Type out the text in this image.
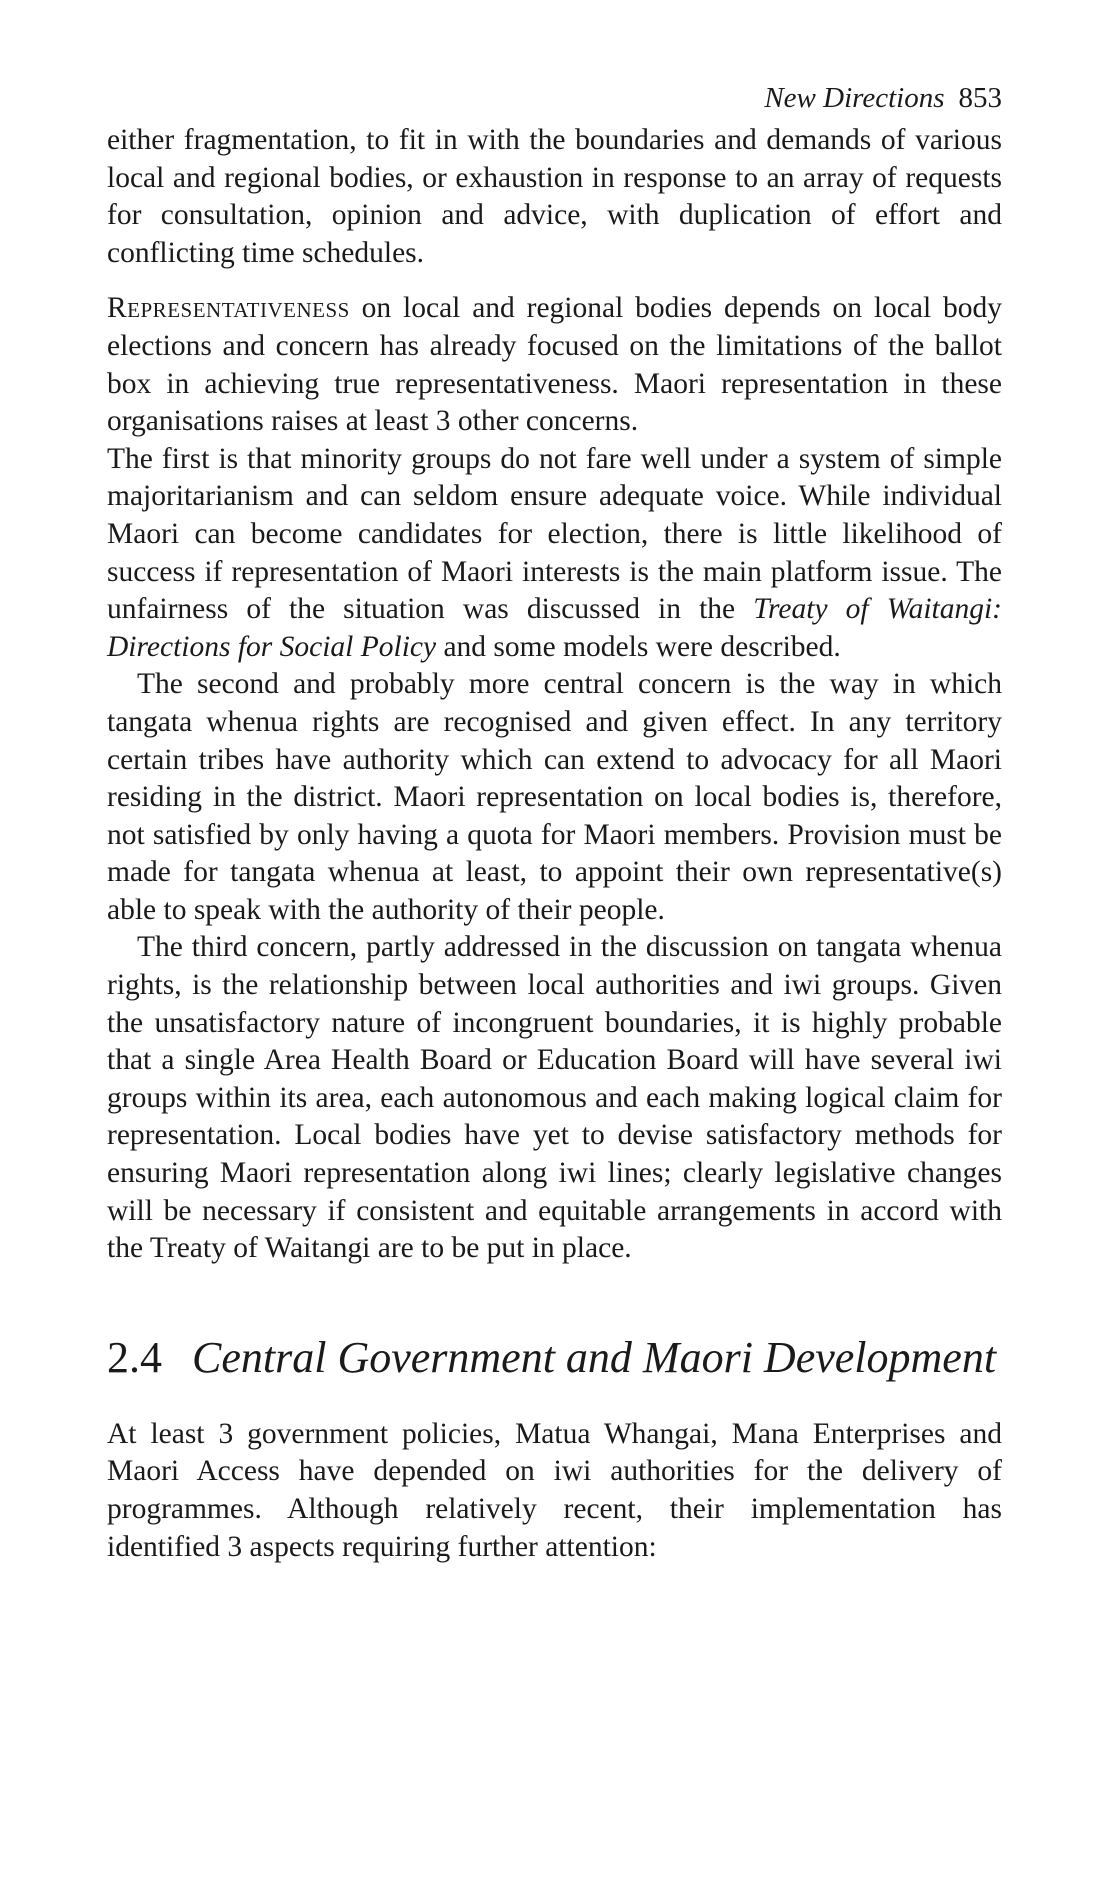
New Directions 853

either fragmentation, to fit in with the boundaries and demands of various local and regional bodies, or exhaustion in response to an array of requests for consultation, opinion and advice, with duplication of effort and conflicting time schedules.

Representativeness on local and regional bodies depends on local body elections and concern has already focused on the limitations of the ballot box in achieving true representativeness. Maori representation in these organisations raises at least 3 other concerns.

The first is that minority groups do not fare well under a system of simple majoritarianism and can seldom ensure adequate voice. While individual Maori can become candidates for election, there is little likelihood of success if representation of Maori interests is the main platform issue. The unfairness of the situation was discussed in the Treaty of Waitangi: Directions for Social Policy and some models were described.

The second and probably more central concern is the way in which tangata whenua rights are recognised and given effect. In any territory certain tribes have authority which can extend to advocacy for all Maori residing in the district. Maori representation on local bodies is, therefore, not satisfied by only having a quota for Maori members. Provision must be made for tangata whenua at least, to appoint their own representative(s) able to speak with the authority of their people.

The third concern, partly addressed in the discussion on tangata whenua rights, is the relationship between local authorities and iwi groups. Given the unsatisfactory nature of incongruent boundaries, it is highly probable that a single Area Health Board or Education Board will have several iwi groups within its area, each autonomous and each making logical claim for representation. Local bodies have yet to devise satisfactory methods for ensuring Maori representation along iwi lines; clearly legislative changes will be necessary if consistent and equitable arrangements in accord with the Treaty of Waitangi are to be put in place.

2.4 Central Government and Maori Development

At least 3 government policies, Matua Whangai, Mana Enterprises and Maori Access have depended on iwi authorities for the delivery of programmes. Although relatively recent, their implementation has identified 3 aspects requiring further attention:
